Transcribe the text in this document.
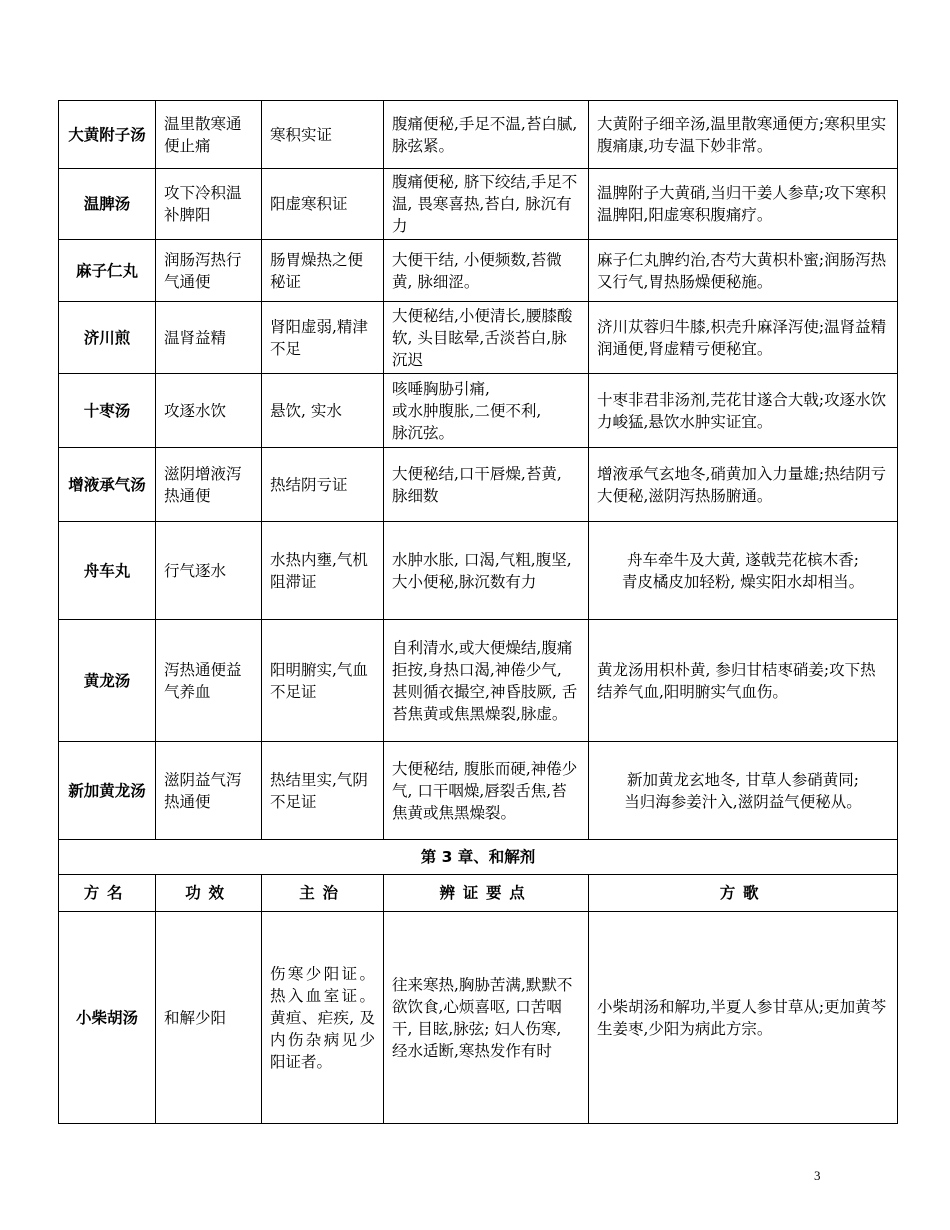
大黄附子汤	温里散寒通便止痛	寒积实证	腹痛便秘,手足不温,苔白腻,脉弦紧。	大黄附子细辛汤,温里散寒通便方;寒积里实腹痛康,功专温下妙非常。
温脾汤	攻下冷积温补脾阳	阳虚寒积证	腹痛便秘, 脐下绞结,手足不温, 畏寒喜热,苔白, 脉沉有力	温脾附子大黄硝,当归干姜人参草;攻下寒积温脾阳,阳虚寒积腹痛疗。
麻子仁丸	润肠泻热行气通便	肠胃燥热之便秘证	大便干结, 小便频数,苔微黄, 脉细涩。	麻子仁丸脾约治,杏芍大黄枳朴蜜;润肠泻热又行气,胃热肠燥便秘施。
济川煎	温肾益精	肾阳虚弱,精津不足	大便秘结,小便清长,腰膝酸软, 头目眩晕,舌淡苔白,脉沉迟	济川苁蓉归牛膝,枳壳升麻泽泻使;温肾益精润通便,肾虚精亏便秘宜。
十枣汤	攻逐水饮	悬饮, 实水	咳唾胸胁引痛,
或水肿腹胀,二便不利,
脉沉弦。	十枣非君非汤剂,芫花甘遂合大戟;攻逐水饮力峻猛,悬饮水肿实证宜。
增液承气汤	滋阴增液泻热通便	热结阴亏证	大便秘结,口干唇燥,苔黄, 脉细数	增液承气玄地冬,硝黄加入力量雄;热结阴亏大便秘,滋阴泻热肠腑通。
舟车丸	行气逐水	水热内壅,气机阻滞证	水肿水胀, 口渴,气粗,腹坚, 大小便秘,脉沉数有力	舟车牵牛及大黄, 遂戟芫花槟木香;
青皮橘皮加轻粉, 燥实阳水却相当。

黄龙汤	泻热通便益气养血	阳明腑实,气血不足证	自利清水,或大便燥结,腹痛拒按,身热口渴,神倦少气, 甚则循衣撮空,神昏肢厥, 舌苔焦黄或焦黑燥裂,脉虚。	黄龙汤用枳朴黄, 参归甘桔枣硝姜;攻下热结养气血,阳明腑实气血伤。
新加黄龙汤	滋阴益气泻热通便	热结里实,气阴不足证	大便秘结, 腹胀而硬,神倦少气, 口干咽燥,唇裂舌焦,苔焦黄或焦黑燥裂。	新加黄龙玄地冬, 甘草人参硝黄同;
当归海参姜汁入,滋阴益气便秘从。

第 3 章、和解剂				
方名	功效	主治	辨证要点	方歌
小柴胡汤	和解少阳	伤寒少阳证。热入血室证。黄疸、疟疾, 及内伤杂病见少阳证者。	往来寒热,胸胁苦满,默默不欲饮食,心烦喜呕, 口苦咽干, 目眩,脉弦; 妇人伤寒, 经水适断,寒热发作有时	小柴胡汤和解功,半夏人参甘草从;更加黄芩生姜枣,少阳为病此方宗。
3
